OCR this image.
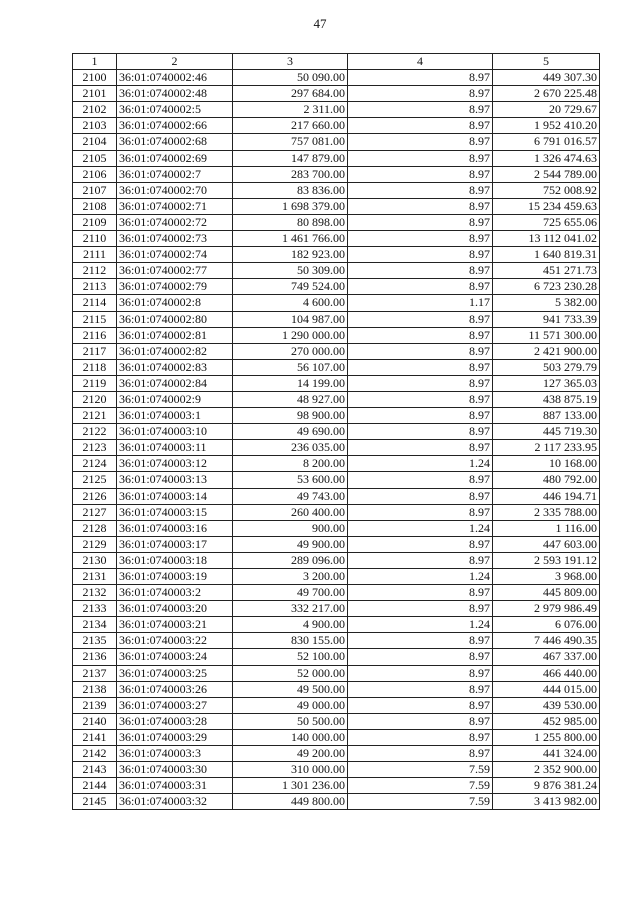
47
1	2	3	4	5
2100	36:01:0740002:46	50 090.00	8.97	449 307.30
2101	36:01:0740002:48	297 684.00	8.97	2 670 225.48
2102	36:01:0740002:5	2 311.00	8.97	20 729.67
2103	36:01:0740002:66	217 660.00	8.97	1 952 410.20
2104	36:01:0740002:68	757 081.00	8.97	6 791 016.57
2105	36:01:0740002:69	147 879.00	8.97	1 326 474.63
2106	36:01:0740002:7	283 700.00	8.97	2 544 789.00
2107	36:01:0740002:70	83 836.00	8.97	752 008.92
2108	36:01:0740002:71	1 698 379.00	8.97	15 234 459.63
2109	36:01:0740002:72	80 898.00	8.97	725 655.06
2110	36:01:0740002:73	1 461 766.00	8.97	13 112 041.02
2111	36:01:0740002:74	182 923.00	8.97	1 640 819.31
2112	36:01:0740002:77	50 309.00	8.97	451 271.73
2113	36:01:0740002:79	749 524.00	8.97	6 723 230.28
2114	36:01:0740002:8	4 600.00	1.17	5 382.00
2115	36:01:0740002:80	104 987.00	8.97	941 733.39
2116	36:01:0740002:81	1 290 000.00	8.97	11 571 300.00
2117	36:01:0740002:82	270 000.00	8.97	2 421 900.00
2118	36:01:0740002:83	56 107.00	8.97	503 279.79
2119	36:01:0740002:84	14 199.00	8.97	127 365.03
2120	36:01:0740002:9	48 927.00	8.97	438 875.19
2121	36:01:0740003:1	98 900.00	8.97	887 133.00
2122	36:01:0740003:10	49 690.00	8.97	445 719.30
2123	36:01:0740003:11	236 035.00	8.97	2 117 233.95
2124	36:01:0740003:12	8 200.00	1.24	10 168.00
2125	36:01:0740003:13	53 600.00	8.97	480 792.00
2126	36:01:0740003:14	49 743.00	8.97	446 194.71
2127	36:01:0740003:15	260 400.00	8.97	2 335 788.00
2128	36:01:0740003:16	900.00	1.24	1 116.00
2129	36:01:0740003:17	49 900.00	8.97	447 603.00
2130	36:01:0740003:18	289 096.00	8.97	2 593 191.12
2131	36:01:0740003:19	3 200.00	1.24	3 968.00
2132	36:01:0740003:2	49 700.00	8.97	445 809.00
2133	36:01:0740003:20	332 217.00	8.97	2 979 986.49
2134	36:01:0740003:21	4 900.00	1.24	6 076.00
2135	36:01:0740003:22	830 155.00	8.97	7 446 490.35
2136	36:01:0740003:24	52 100.00	8.97	467 337.00
2137	36:01:0740003:25	52 000.00	8.97	466 440.00
2138	36:01:0740003:26	49 500.00	8.97	444 015.00
2139	36:01:0740003:27	49 000.00	8.97	439 530.00
2140	36:01:0740003:28	50 500.00	8.97	452 985.00
2141	36:01:0740003:29	140 000.00	8.97	1 255 800.00
2142	36:01:0740003:3	49 200.00	8.97	441 324.00
2143	36:01:0740003:30	310 000.00	7.59	2 352 900.00
2144	36:01:0740003:31	1 301 236.00	7.59	9 876 381.24
2145	36:01:0740003:32	449 800.00	7.59	3 413 982.00
